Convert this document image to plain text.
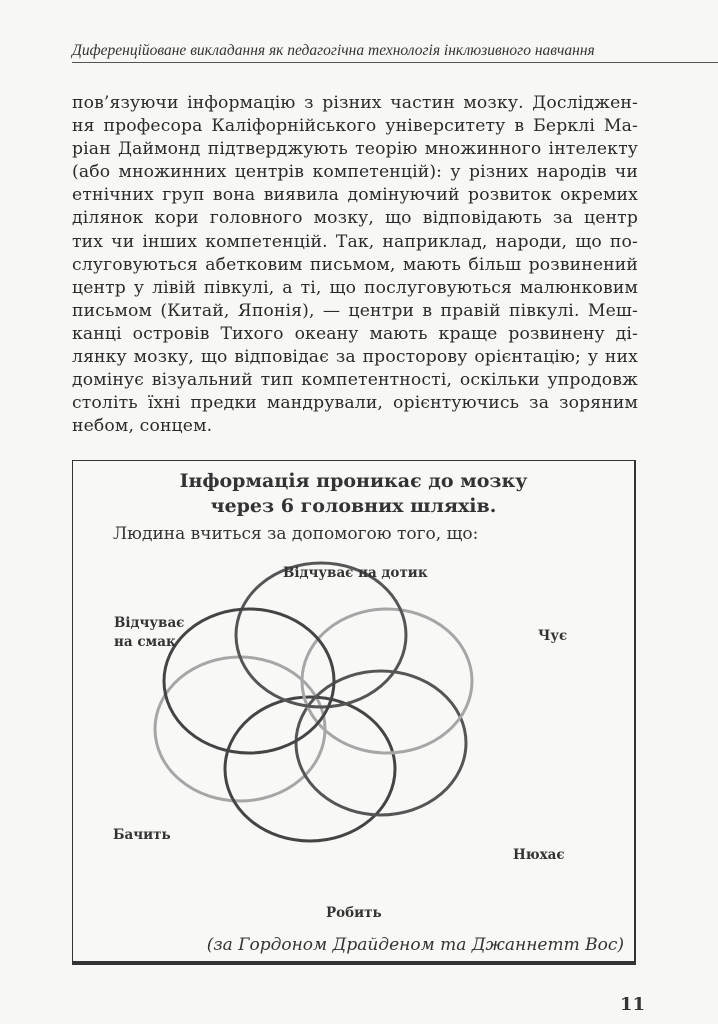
Диференційоване викладання як педагогічна технологія інклюзивного навчання
пов’язуючи інформацію з різних частин мозку. Досліджен-
ня професора Каліфорнійського університету в Берклі Ма-
ріан Даймонд підтверджують теорію множинного інтелекту
(або множинних центрів компетенцій): у різних народів чи
етнічних груп вона виявила домінуючий розвиток окремих
ділянок кори головного мозку, що відповідають за центр
тих чи інших компетенцій. Так, наприклад, народи, що по-
слуговуються абетковим письмом, мають більш розвинений
центр у лівій півкулі, а ті, що послуговуються малюнковим
письмом (Китай, Японія), — центри в правій півкулі. Меш-
канці островів Тихого океану мають краще розвинену ді-
лянку мозку, що відповідає за просторову орієнтацію; у них
домінує візуальний тип компетентності, оскільки упродовж
століть їхні предки мандрували, орієнтуючись за зоряним
небом, сонцем.
Інформація проникає до мозку
через 6 головних шляхів.
Людина вчиться за допомогою того, що:
Відчуває на дотик
Відчуває
на смак	Чує
Бачить
Нюхає
Робить
(за Гордоном Драйденом та Джаннетт Вос)
11
